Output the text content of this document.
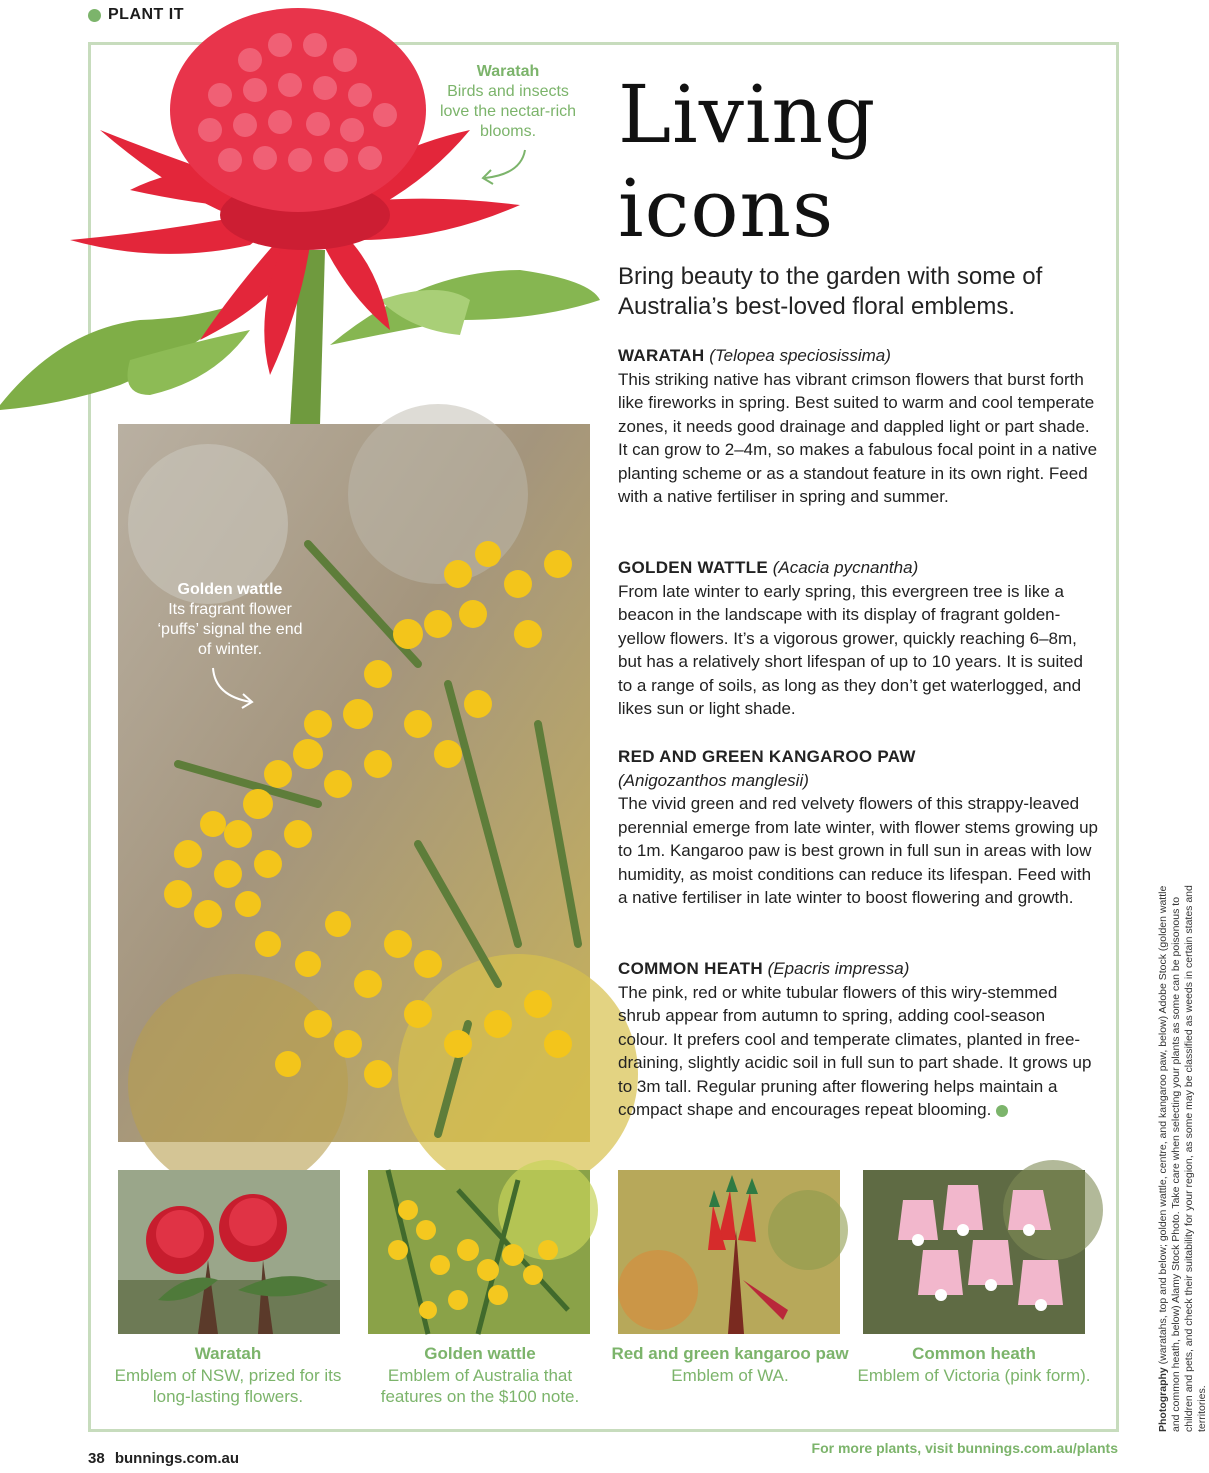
PLANT IT
Waratah
Birds and insects love the nectar-rich blooms.
Golden wattle
Its fragrant flower ‘puffs’ signal the end of winter.
Living
icons
Bring beauty to the garden with some of Australia’s best-loved floral emblems.
WARATAH (Telopea speciosissima)
This striking native has vibrant crimson flowers that burst forth like fireworks in spring. Best suited to warm and cool temperate zones, it needs good drainage and dappled light or part shade. It can grow to 2–4m, so makes a fabulous focal point in a native planting scheme or as a standout feature in its own right. Feed with a native fertiliser in spring and summer.
GOLDEN WATTLE (Acacia pycnantha)
From late winter to early spring, this evergreen tree is like a beacon in the landscape with its display of fragrant golden-yellow flowers. It’s a vigorous grower, quickly reaching 6–8m, but has a relatively short lifespan of up to 10 years. It is suited to a range of soils, as long as they don’t get waterlogged, and likes sun or light shade.
RED AND GREEN KANGAROO PAW
(Anigozanthos manglesii)
The vivid green and red velvety flowers of this strappy-leaved perennial emerge from late winter, with flower stems growing up to 1m. Kangaroo paw is best grown in full sun in areas with low humidity, as moist conditions can reduce its lifespan. Feed with a native fertiliser in late winter to boost flowering and growth.
COMMON HEATH (Epacris impressa)
The pink, red or white tubular flowers of this wiry-stemmed shrub appear from autumn to spring, adding cool-season colour. It prefers cool and temperate climates, planted in free-draining, slightly acidic soil in full sun to part shade. It grows up to 3m tall. Regular pruning after flowering helps maintain a compact shape and encourages repeat blooming.
Waratah
Emblem of NSW, prized for its long-lasting flowers.
Golden wattle
Emblem of Australia that features on the $100 note.
Red and green kangaroo paw
Emblem of WA.
Common heath
Emblem of Victoria (pink form).	Photography (waratahs, top and below; golden wattle, centre, and kangaroo paw, below) Adobe Stock (golden wattle and common heath, below) Alamy Stock Photo. Take care when selecting your plants as some can be poisonous to children and pets, and check their suitability for your region, as some may be classified as weeds in certain states and territories.
38 bunnings.com.au
For more plants, visit bunnings.com.au/plants
